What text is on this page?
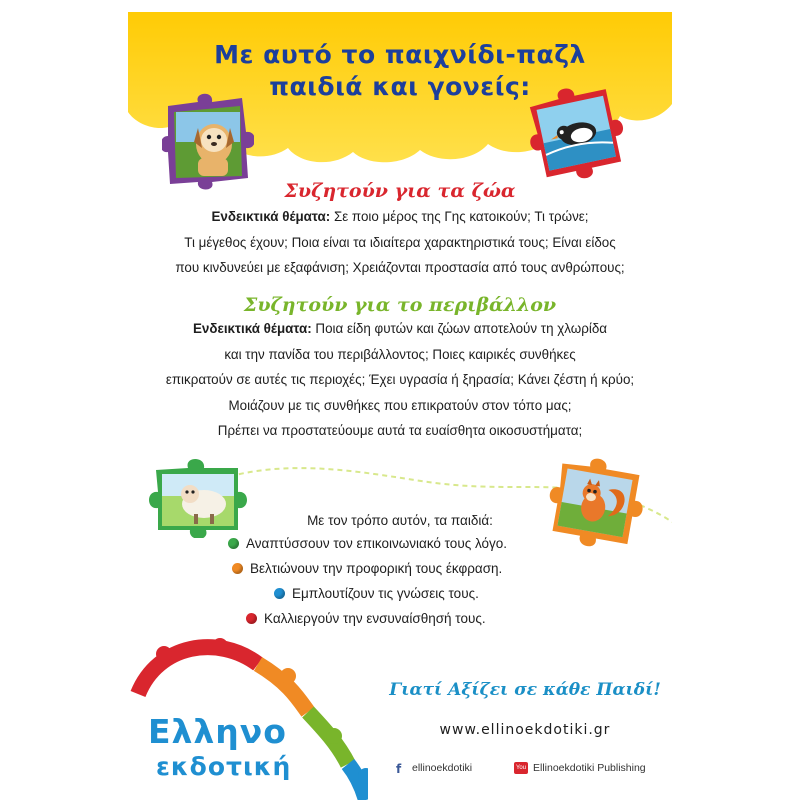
Με αυτό το παιχνίδι-παζλ
παιδιά και γονείς:
Συζητούν για τα ζώα
Ενδεικτικά θέματα: Σε ποιο μέρος της Γης κατοικούν; Τι τρώνε;
Τι μέγεθος έχουν; Ποια είναι τα ιδιαίτερα χαρακτηριστικά τους; Είναι είδος
που κινδυνεύει με εξαφάνιση; Χρειάζονται προστασία από τους ανθρώπους;
Συζητούν για το περιβάλλον
Ενδεικτικά θέματα: Ποια είδη φυτών και ζώων αποτελούν τη χλωρίδα
και την πανίδα του περιβάλλοντος; Ποιες καιρικές συνθήκες
επικρατούν σε αυτές τις περιοχές; Έχει υγρασία ή ξηρασία; Κάνει ζέστη ή κρύο;
Μοιάζουν με τις συνθήκες που επικρατούν στον τόπο μας;
Πρέπει να προστατεύουμε αυτά τα ευαίσθητα οικοσυστήματα;
Με τον τρόπο αυτόν, τα παιδιά:
Αναπτύσσουν τον επικοινωνιακό τους λόγο.
Βελτιώνουν την προφορική τους έκφραση.
Εμπλουτίζουν τις γνώσεις τους.
Καλλιεργούν την ενσυναίσθησή τους.
Ελληνο
εκδοτική
Γιατί Αξίζει σε κάθε Παιδί!
www.ellinoekdotiki.gr
f	ellinoekdotiki	You Ellinoekdotiki Publishing
